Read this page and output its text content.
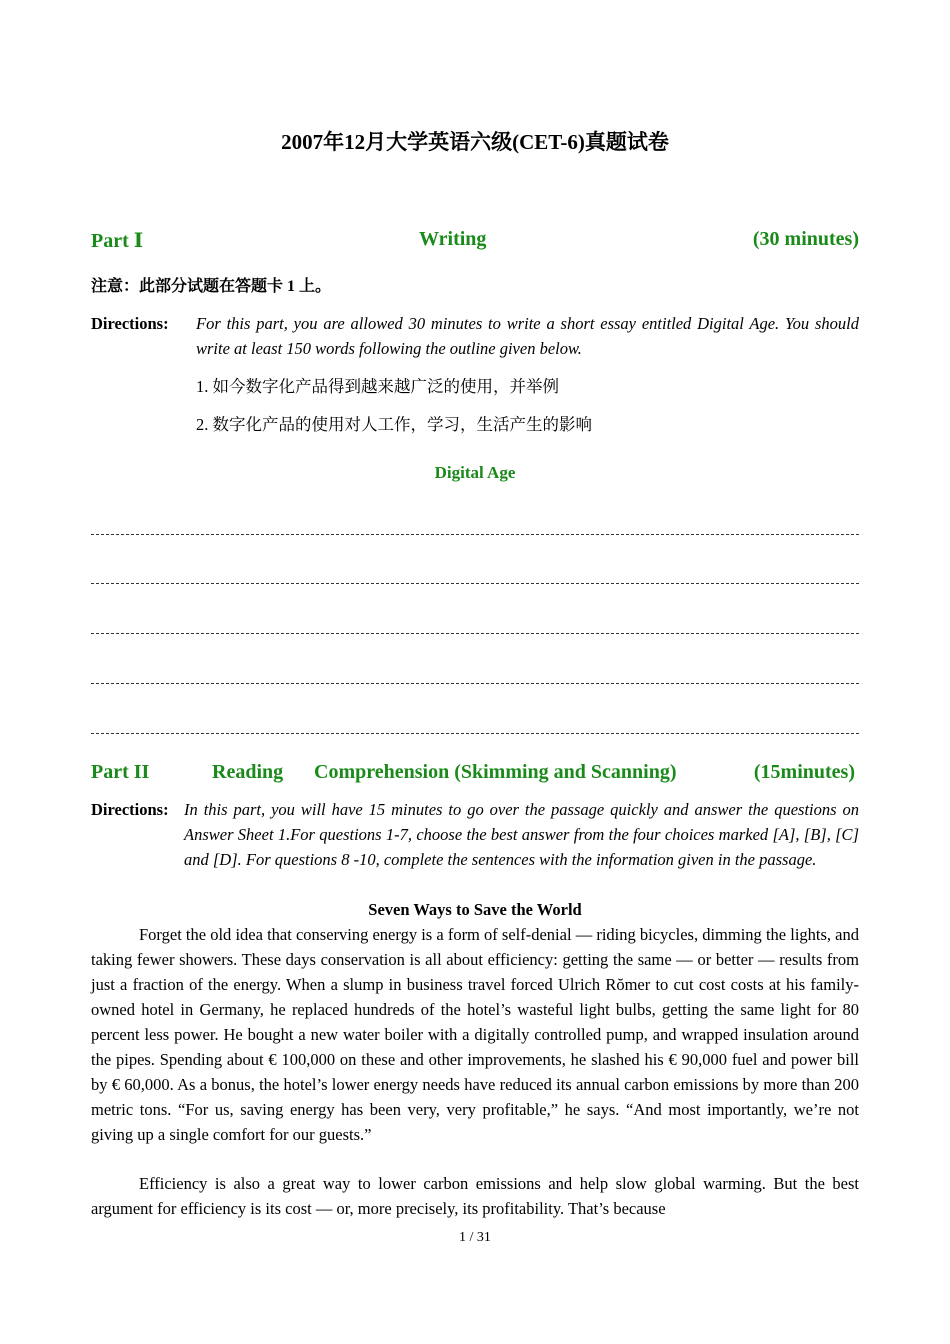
2007年12月大学英语六级(CET-6)真题试卷
Part Ⅰ	Writing	(30 minutes)
注意：此部分试题在答题卡 1 上。
Directions: For this part, you are allowed 30 minutes to write a short essay entitled Digital Age. You should write at least 150 words following the outline given below.
1. 如今数字化产品得到越来越广泛的使用，并举例
2. 数字化产品的使用对人工作，学习，生活产生的影响
Digital Age
Part II	Reading Comprehension (Skimming and Scanning)	(15minutes)
Directions: In this part, you will have 15 minutes to go over the passage quickly and answer the questions on Answer Sheet 1.For questions 1-7, choose the best answer from the four choices marked [A], [B], [C] and [D]. For questions 8 -10, complete the sentences with the information given in the passage.
Seven Ways to Save the World

Forget the old idea that conserving energy is a form of self-denial — riding bicycles, dimming the lights, and taking fewer showers. These days conservation is all about efficiency: getting the same — or better — results from just a fraction of the energy. When a slump in business travel forced Ulrich Rŏmer to cut cost costs at his family-owned hotel in Germany, he replaced hundreds of the hotel’s wasteful light bulbs, getting the same light for 80 percent less power. He bought a new water boiler with a digitally controlled pump, and wrapped insulation around the pipes. Spending about € 100,000 on these and other improvements, he slashed his € 90,000 fuel and power bill by € 60,000. As a bonus, the hotel’s lower energy needs have reduced its annual carbon emissions by more than 200 metric tons. “For us, saving energy has been very, very profitable,” he says. “And most importantly, we’re not giving up a single comfort for our guests.”

Efficiency is also a great way to lower carbon emissions and help slow global warming. But the best argument for efficiency is its cost — or, more precisely, its profitability. That’s because

1 / 31
